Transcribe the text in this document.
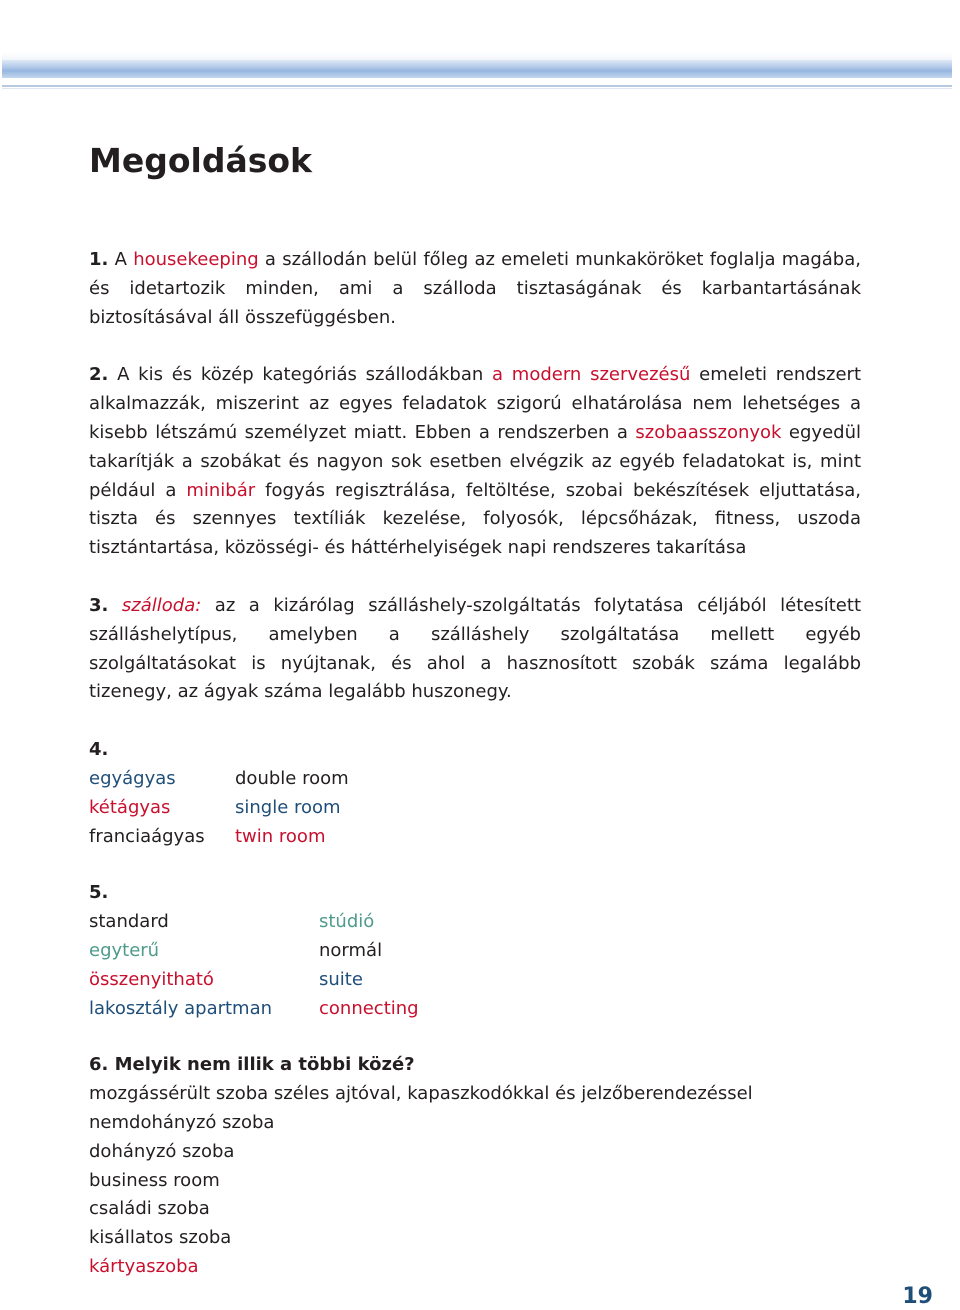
Megoldások

1. A housekeeping a szállodán belül főleg az emeleti munkaköröket foglalja magába, és idetartozik minden, ami a szálloda tisztaságának és karbantartásának biztosításával áll összefüggésben.

2. A kis és közép kategóriás szállodákban a modern szervezésű emeleti rendszert alkalmazzák, miszerint az egyes feladatok szigorú elhatárolása nem lehetséges a kisebb létszámú személyzet miatt. Ebben a rendszerben a szobaasszonyok egyedül takarítják a szobákat és nagyon sok esetben elvégzik az egyéb feladatokat is, mint például a minibár fogyás regisztrálása, feltöltése, szobai bekészítések eljuttatása, tiszta és szennyes textíliák kezelése, folyosók, lépcsőházak, fitness, uszoda tisztántartása, közösségi- és háttérhelyiségek napi rendszeres takarítása

3. szálloda: az a kizárólag szálláshely-szolgáltatás folytatása céljából létesített szálláshelytípus, amelyben a szálláshely szolgáltatása mellett egyéb szolgáltatásokat is nyújtanak, és ahol a hasznosított szobák száma legalább tizenegy, az ágyak száma legalább huszonegy.

4.
egyágyas	double room
kétágyas	single room
franciaágyas	twin room
5.
standard	stúdió
egyterű	normál
összenyitható	suite
lakosztály apartman	connecting
6. Melyik nem illik a többi közé?
mozgássérült szoba széles ajtóval, kapaszkodókkal és jelzőberendezéssel
nemdohányzó szoba
dohányzó szoba
business room
családi szoba
kisállatos szoba
kártyaszoba
19
